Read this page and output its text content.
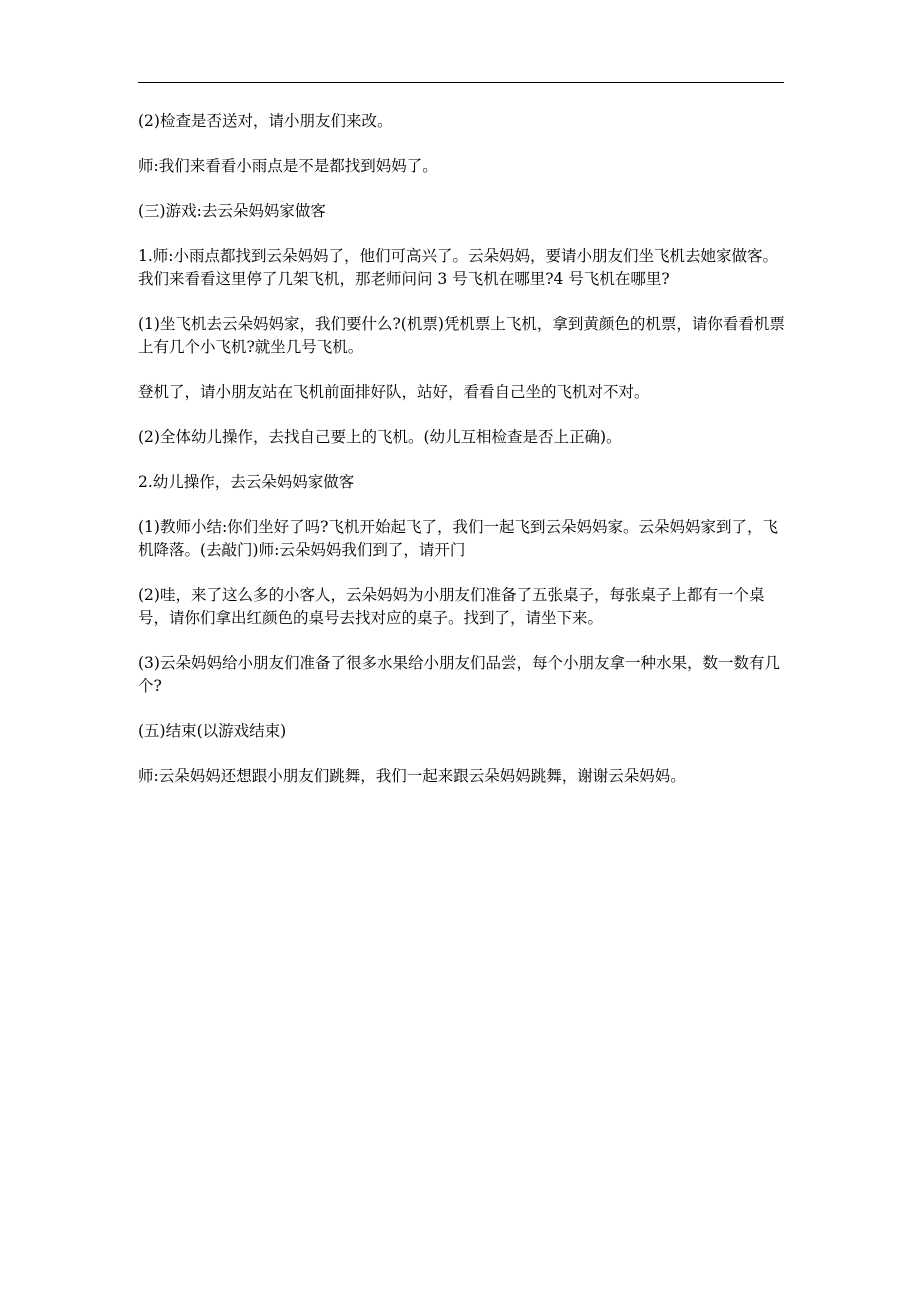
(2)检查是否送对，请小朋友们来改。

师:我们来看看小雨点是不是都找到妈妈了。

(三)游戏:去云朵妈妈家做客

1.师:小雨点都找到云朵妈妈了，他们可高兴了。云朵妈妈，要请小朋友们坐飞机去她家做客。我们来看看这里停了几架飞机，那老师问问 3 号飞机在哪里?4 号飞机在哪里?

(1)坐飞机去云朵妈妈家，我们要什么?(机票)凭机票上飞机，拿到黄颜色的机票，请你看看机票上有几个小飞机?就坐几号飞机。

登机了，请小朋友站在飞机前面排好队，站好，看看自己坐的飞机对不对。

(2)全体幼儿操作，去找自己要上的飞机。(幼儿互相检查是否上正确)。

2.幼儿操作，去云朵妈妈家做客

(1)教师小结:你们坐好了吗?飞机开始起飞了，我们一起飞到云朵妈妈家。云朵妈妈家到了，飞机降落。(去敲门)师:云朵妈妈我们到了，请开门

(2)哇，来了这么多的小客人，云朵妈妈为小朋友们准备了五张桌子，每张桌子上都有一个桌号，请你们拿出红颜色的桌号去找对应的桌子。找到了，请坐下来。

(3)云朵妈妈给小朋友们准备了很多水果给小朋友们品尝，每个小朋友拿一种水果，数一数有几个?

(五)结束(以游戏结束)

师:云朵妈妈还想跟小朋友们跳舞，我们一起来跟云朵妈妈跳舞，谢谢云朵妈妈。
